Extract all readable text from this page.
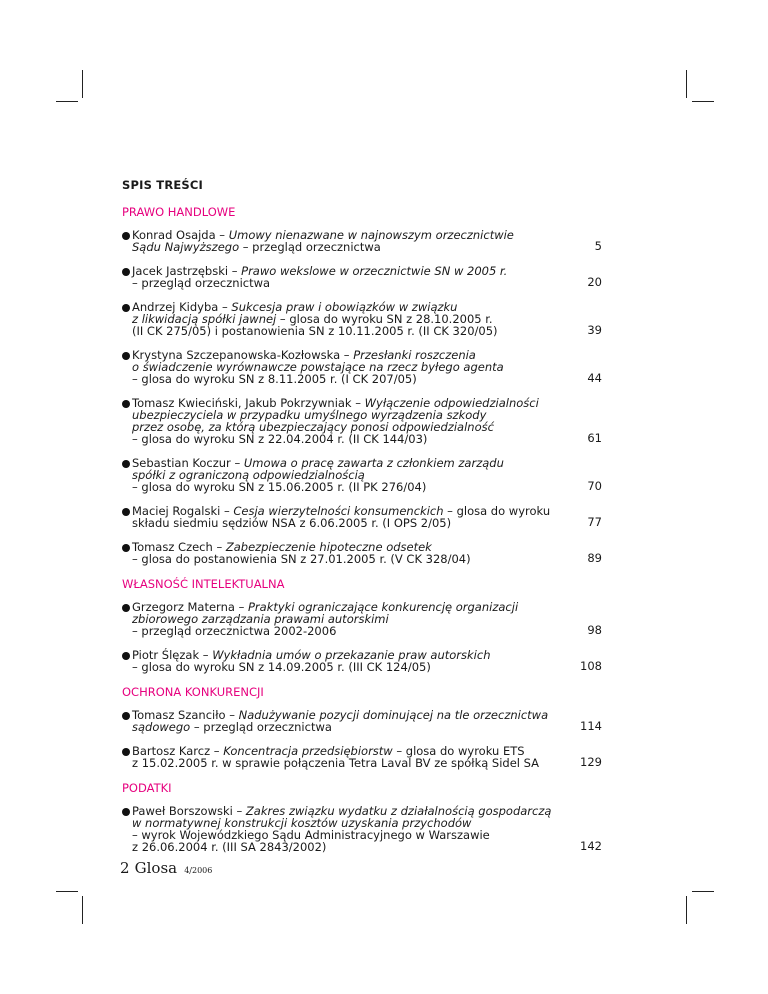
SPIS TREŚCI
PRAWO HANDLOWE
Konrad Osajda – Umowy nienazwane w najnowszym orzecznictwie
Sądu Najwyższego – przegląd orzecznictwa	5
Jacek Jastrzębski – Prawo wekslowe w orzecznictwie SN w 2005 r.
– przegląd orzecznictwa	20
Andrzej Kidyba – Sukcesja praw i obowiązków w związku
z likwidacją spółki jawnej – glosa do wyroku SN z 28.10.2005 r.
(II CK 275/05) i postanowienia SN z 10.11.2005 r. (II CK 320/05)	39
Krystyna Szczepanowska-Kozłowska – Przesłanki roszczenia
o świadczenie wyrównawcze powstające na rzecz byłego agenta
– glosa do wyroku SN z 8.11.2005 r. (I CK 207/05)	44
Tomasz Kwieciński, Jakub Pokrzywniak – Wyłączenie odpowiedzialności
ubezpieczyciela w przypadku umyślnego wyrządzenia szkody
przez osobę, za którą ubezpieczający ponosi odpowiedzialność
– glosa do wyroku SN z 22.04.2004 r. (II CK 144/03)	61
Sebastian Koczur – Umowa o pracę zawarta z członkiem zarządu
spółki z ograniczoną odpowiedzialnością
– glosa do wyroku SN z 15.06.2005 r. (II PK 276/04)	70
Maciej Rogalski – Cesja wierzytelności konsumenckich – glosa do wyroku
składu siedmiu sędziów NSA z 6.06.2005 r. (I OPS 2/05)	77
Tomasz Czech – Zabezpieczenie hipoteczne odsetek
– glosa do postanowienia SN z 27.01.2005 r. (V CK 328/04)	89
WŁASNOŚĆ INTELEKTUALNA
Grzegorz Materna – Praktyki ograniczające konkurencję organizacji
zbiorowego zarządzania prawami autorskimi
– przegląd orzecznictwa 2002-2006	98
Piotr Ślęzak – Wykładnia umów o przekazanie praw autorskich
– glosa do wyroku SN z 14.09.2005 r. (III CK 124/05)	108
OCHRONA KONKURENCJI
Tomasz Szanciło – Nadużywanie pozycji dominującej na tle orzecznictwa
sądowego – przegląd orzecznictwa	114
Bartosz Karcz – Koncentracja przedsiębiorstw – glosa do wyroku ETS
z 15.02.2005 r. w sprawie połączenia Tetra Laval BV ze spółką Sidel SA	129
PODATKI
Paweł Borszowski – Zakres związku wydatku z działalnością gospodarczą
w normatywnej konstrukcji kosztów uzyskania przychodów
– wyrok Wojewódzkiego Sądu Administracyjnego w Warszawie
z 26.06.2004 r. (III SA 2843/2002)	142
2 Glosa 4/2006
